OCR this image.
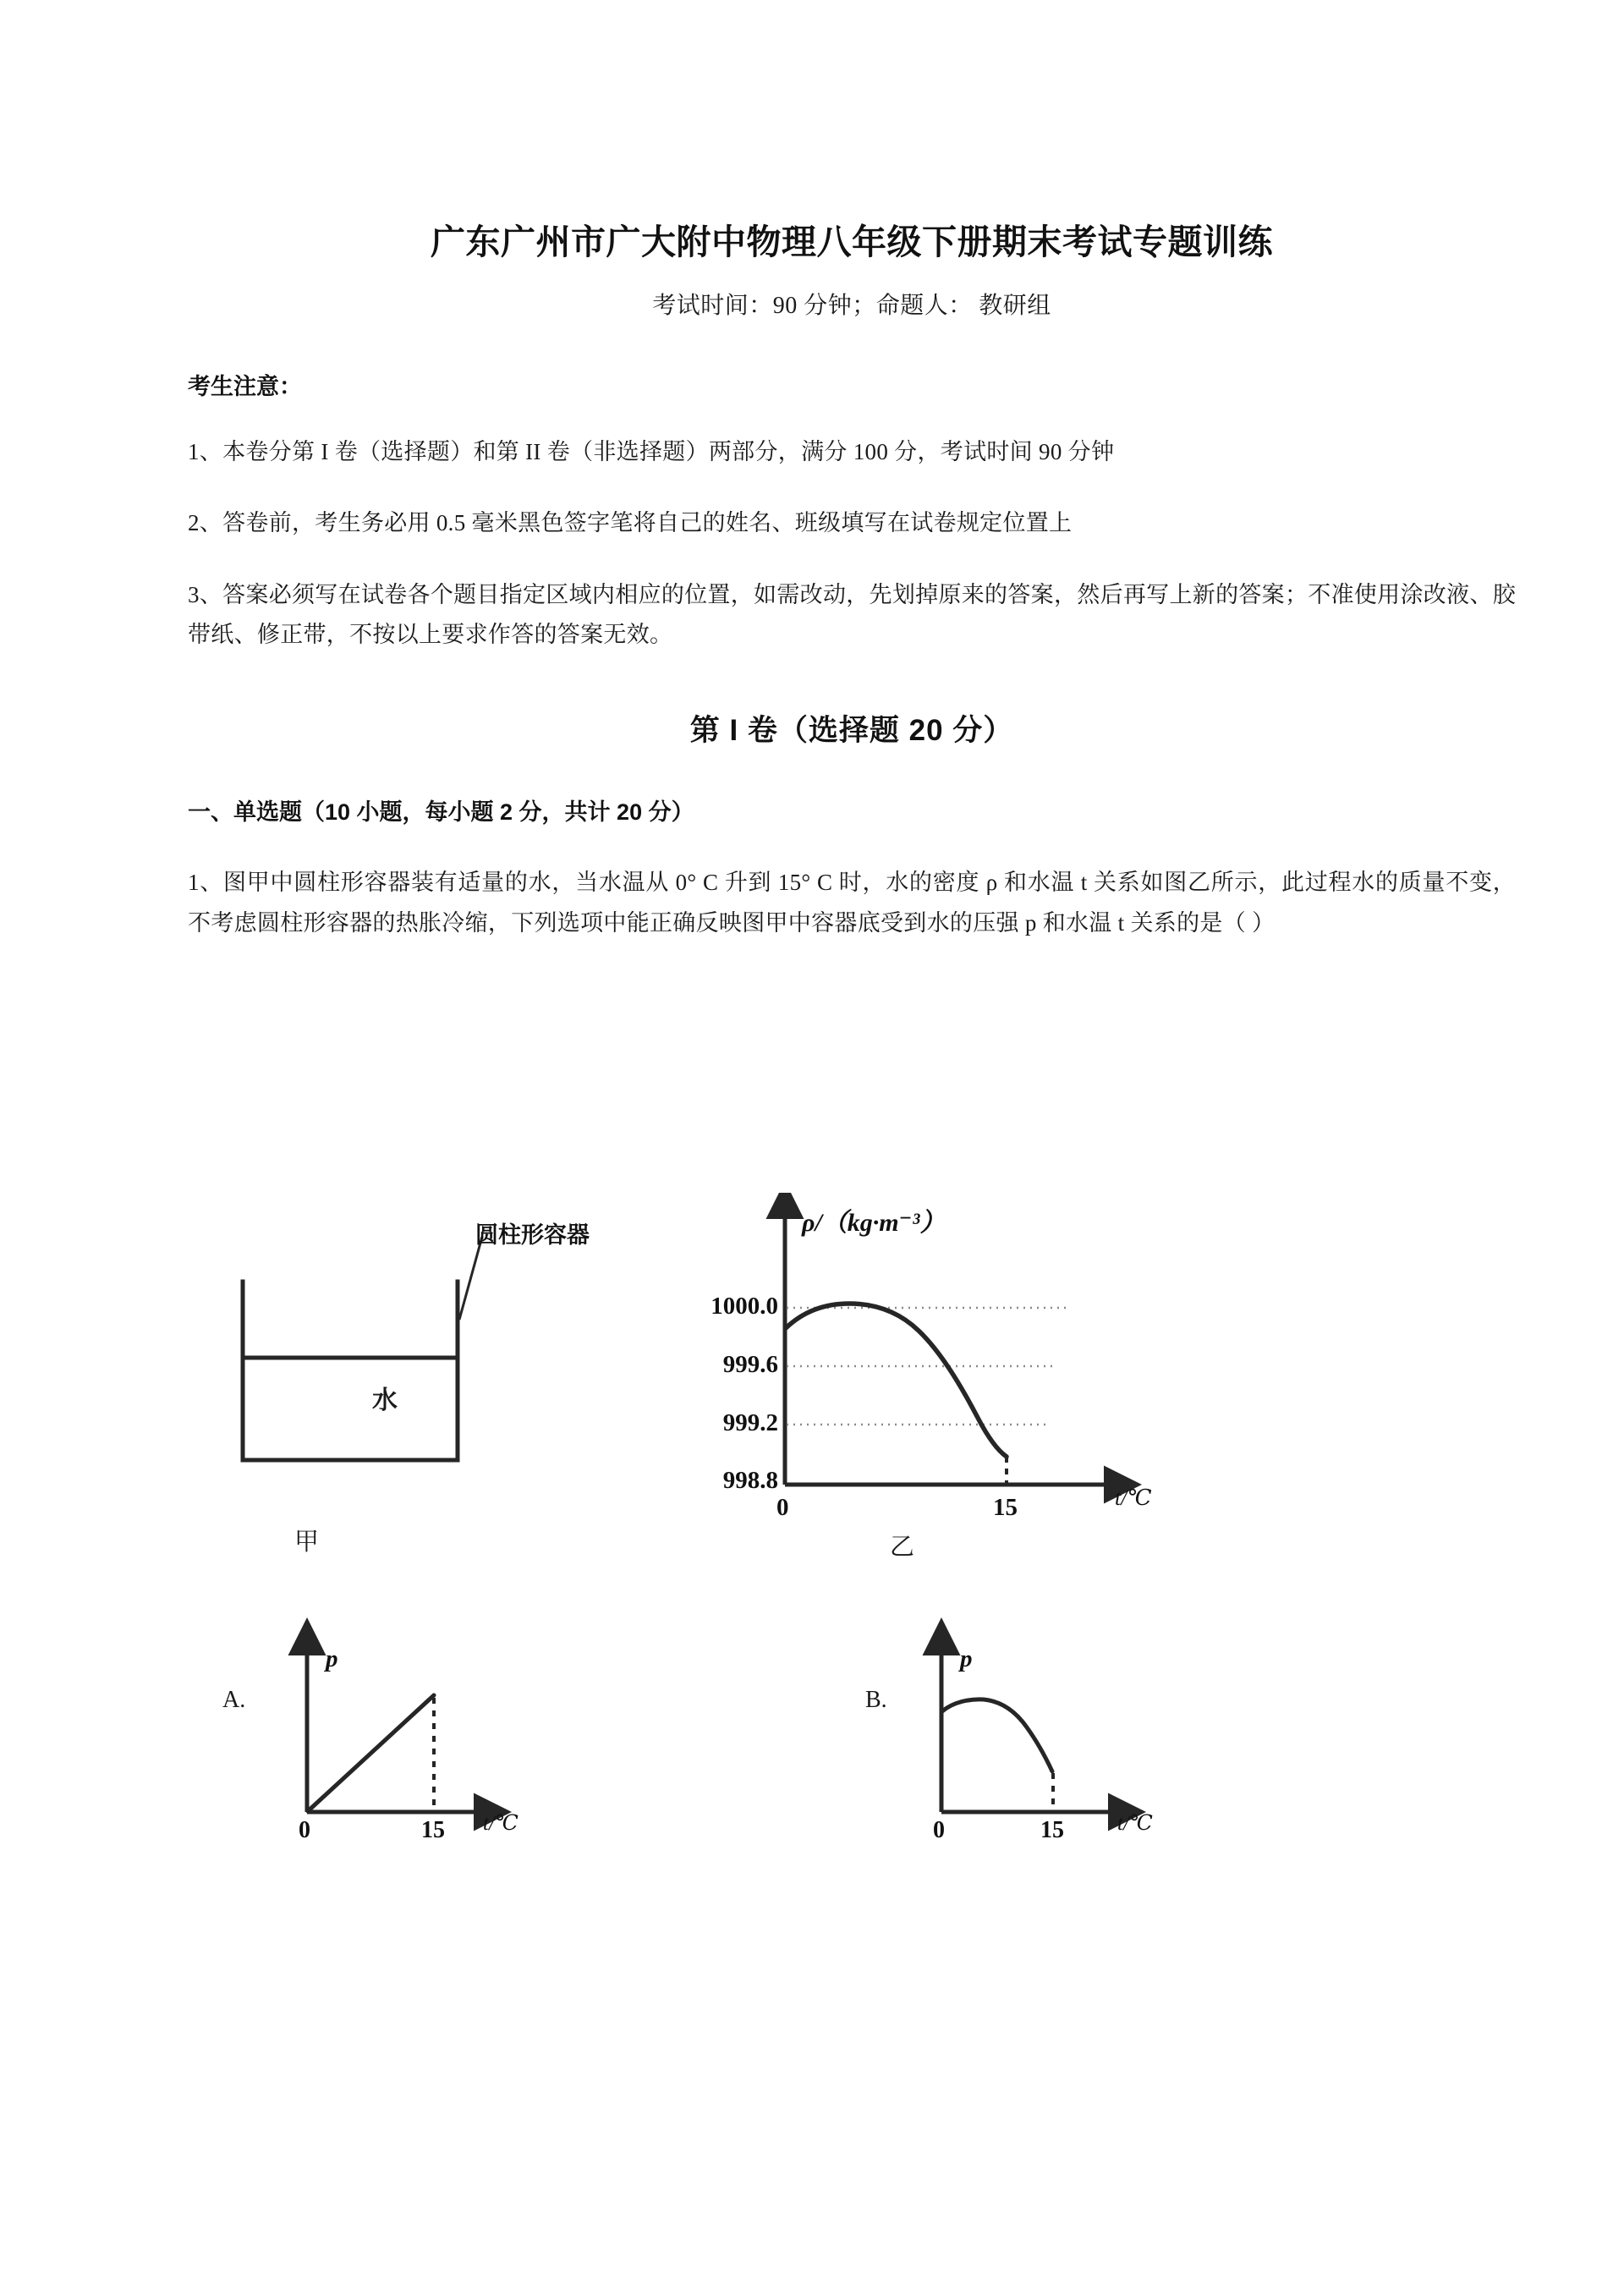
广东广州市广大附中物理八年级下册期末考试专题训练

考试时间：90 分钟；命题人： 教研组

考生注意：

1、本卷分第 I 卷（选择题）和第 II 卷（非选择题）两部分，满分 100 分，考试时间 90 分钟

2、答卷前，考生务必用 0.5 毫米黑色签字笔将自己的姓名、班级填写在试卷规定位置上

3、答案必须写在试卷各个题目指定区域内相应的位置，如需改动，先划掉原来的答案，然后再写上新的答案；不准使用涂改液、胶带纸、修正带，不按以上要求作答的答案无效。

第 I 卷（选择题 20 分）
一、单选题（10 小题，每小题 2 分，共计 20 分）

1、图甲中圆柱形容器装有适量的水，当水温从 0° C 升到 15° C 时，水的密度 ρ 和水温 t 关系如图乙所示，此过程水的质量不变，不考虑圆柱形容器的热胀冷缩，下列选项中能正确反映图甲中容器底受到水的压强 p 和水温 t 关系的是（ ）

水
圆柱形容器
甲
ρ/（kg·m⁻³）
1000.0
999.6
999.2
998.8
0	15	t/℃
乙
A.
p
0	15 t/℃
B.
p
0	15	t/℃
